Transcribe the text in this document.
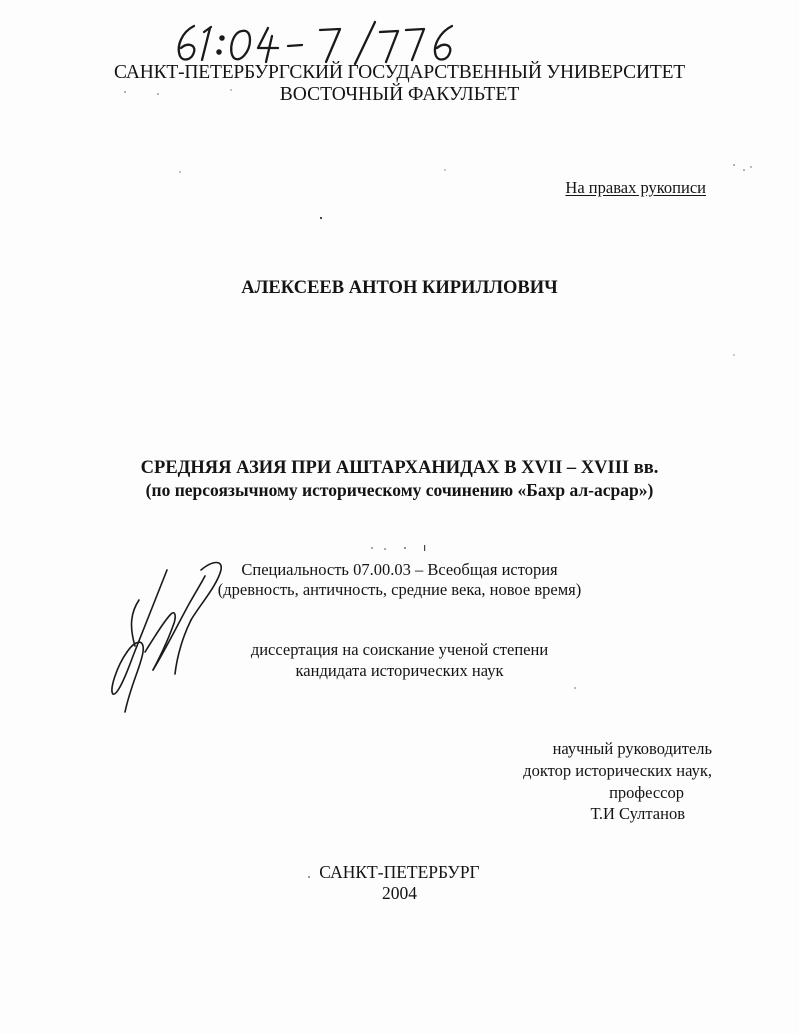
САНКТ-ПЕТЕРБУРГСКИЙ ГОСУДАРСТВЕННЫЙ УНИВЕРСИТЕТ
ВОСТОЧНЫЙ ФАКУЛЬТЕТ
На правах рукописи
АЛЕКСЕЕВ АНТОН КИРИЛЛОВИЧ
СРЕДНЯЯ АЗИЯ ПРИ АШТАРХАНИДАХ В XVII – XVIII вв.
(по персоязычному историческому сочинению «Бахр ал-асрар»)
Специальность 07.00.03 – Всеобщая история
(древность, античность, средние века, новое время)
диссертация на соискание ученой степени
кандидата исторических наук
научный руководитель
доктор исторических наук,
профессор
Т.И Султанов
САНКТ-ПЕТЕРБУРГ
2004
